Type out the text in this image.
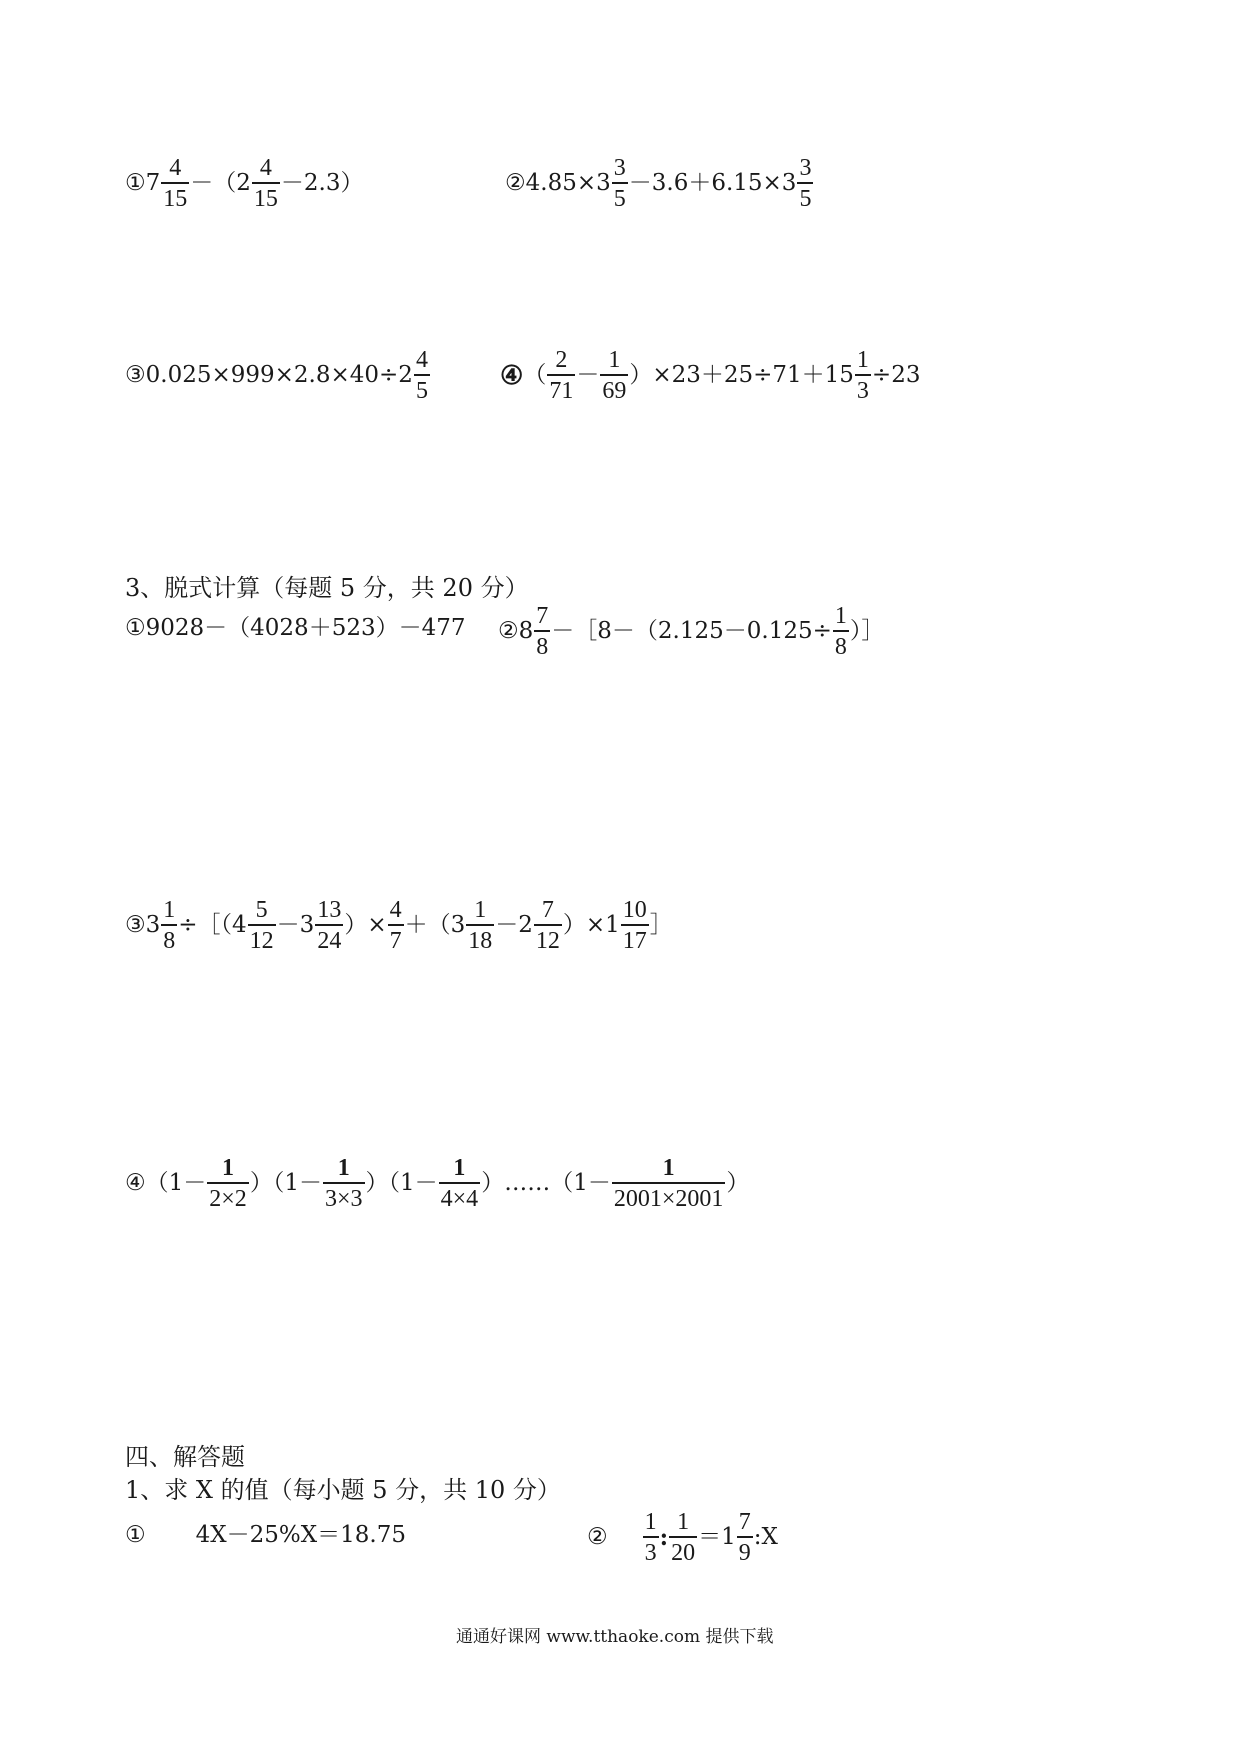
①7 $\frac{4}{15} -(2 \frac{4}{15} -2.3)$	②4.85×3 $\frac{3}{5} -3.6+6.15\times 3 \frac{3}{5}$
③0.025×999×2.8×40÷2 $\frac{4}{5}$	④（ $\frac{2}{71} - \frac{1}{69} )\times 23+25\div 71+15 \frac{1}{3} \div 23$
3、脱式计算（每题 5 分，共 20 分）
①9028－（4028＋523）－477 ②8 $\frac{7}{8}$ －［8－（2.125－0.125÷ $\frac{1}{8}$ ）］
③3 $\frac{1}{8}$ ÷［（4 $\frac{5}{12} -3 \frac{13}{24}$ ）× $\frac{4}{7} +(3 \frac{1}{18} -2 \frac{7}{12} )\times 1 \frac{10}{17}$ ］
④（1－ $\frac{1}{2\times 2} )(1- \frac{1}{3\times 3} )(1- \frac{1}{4\times 4}$ ）……（1－ $\frac{1}{2001\times 2001}$ ）
四、解答题
1、求 X 的值（每小题 5 分，共 10 分）
① 4X－25%X＝18.75	② $\frac{1}{3}$ : $\frac{1}{20} =1 \frac{7}{9}$ :X
通通好课网 www.tthaoke.com 提供下载
